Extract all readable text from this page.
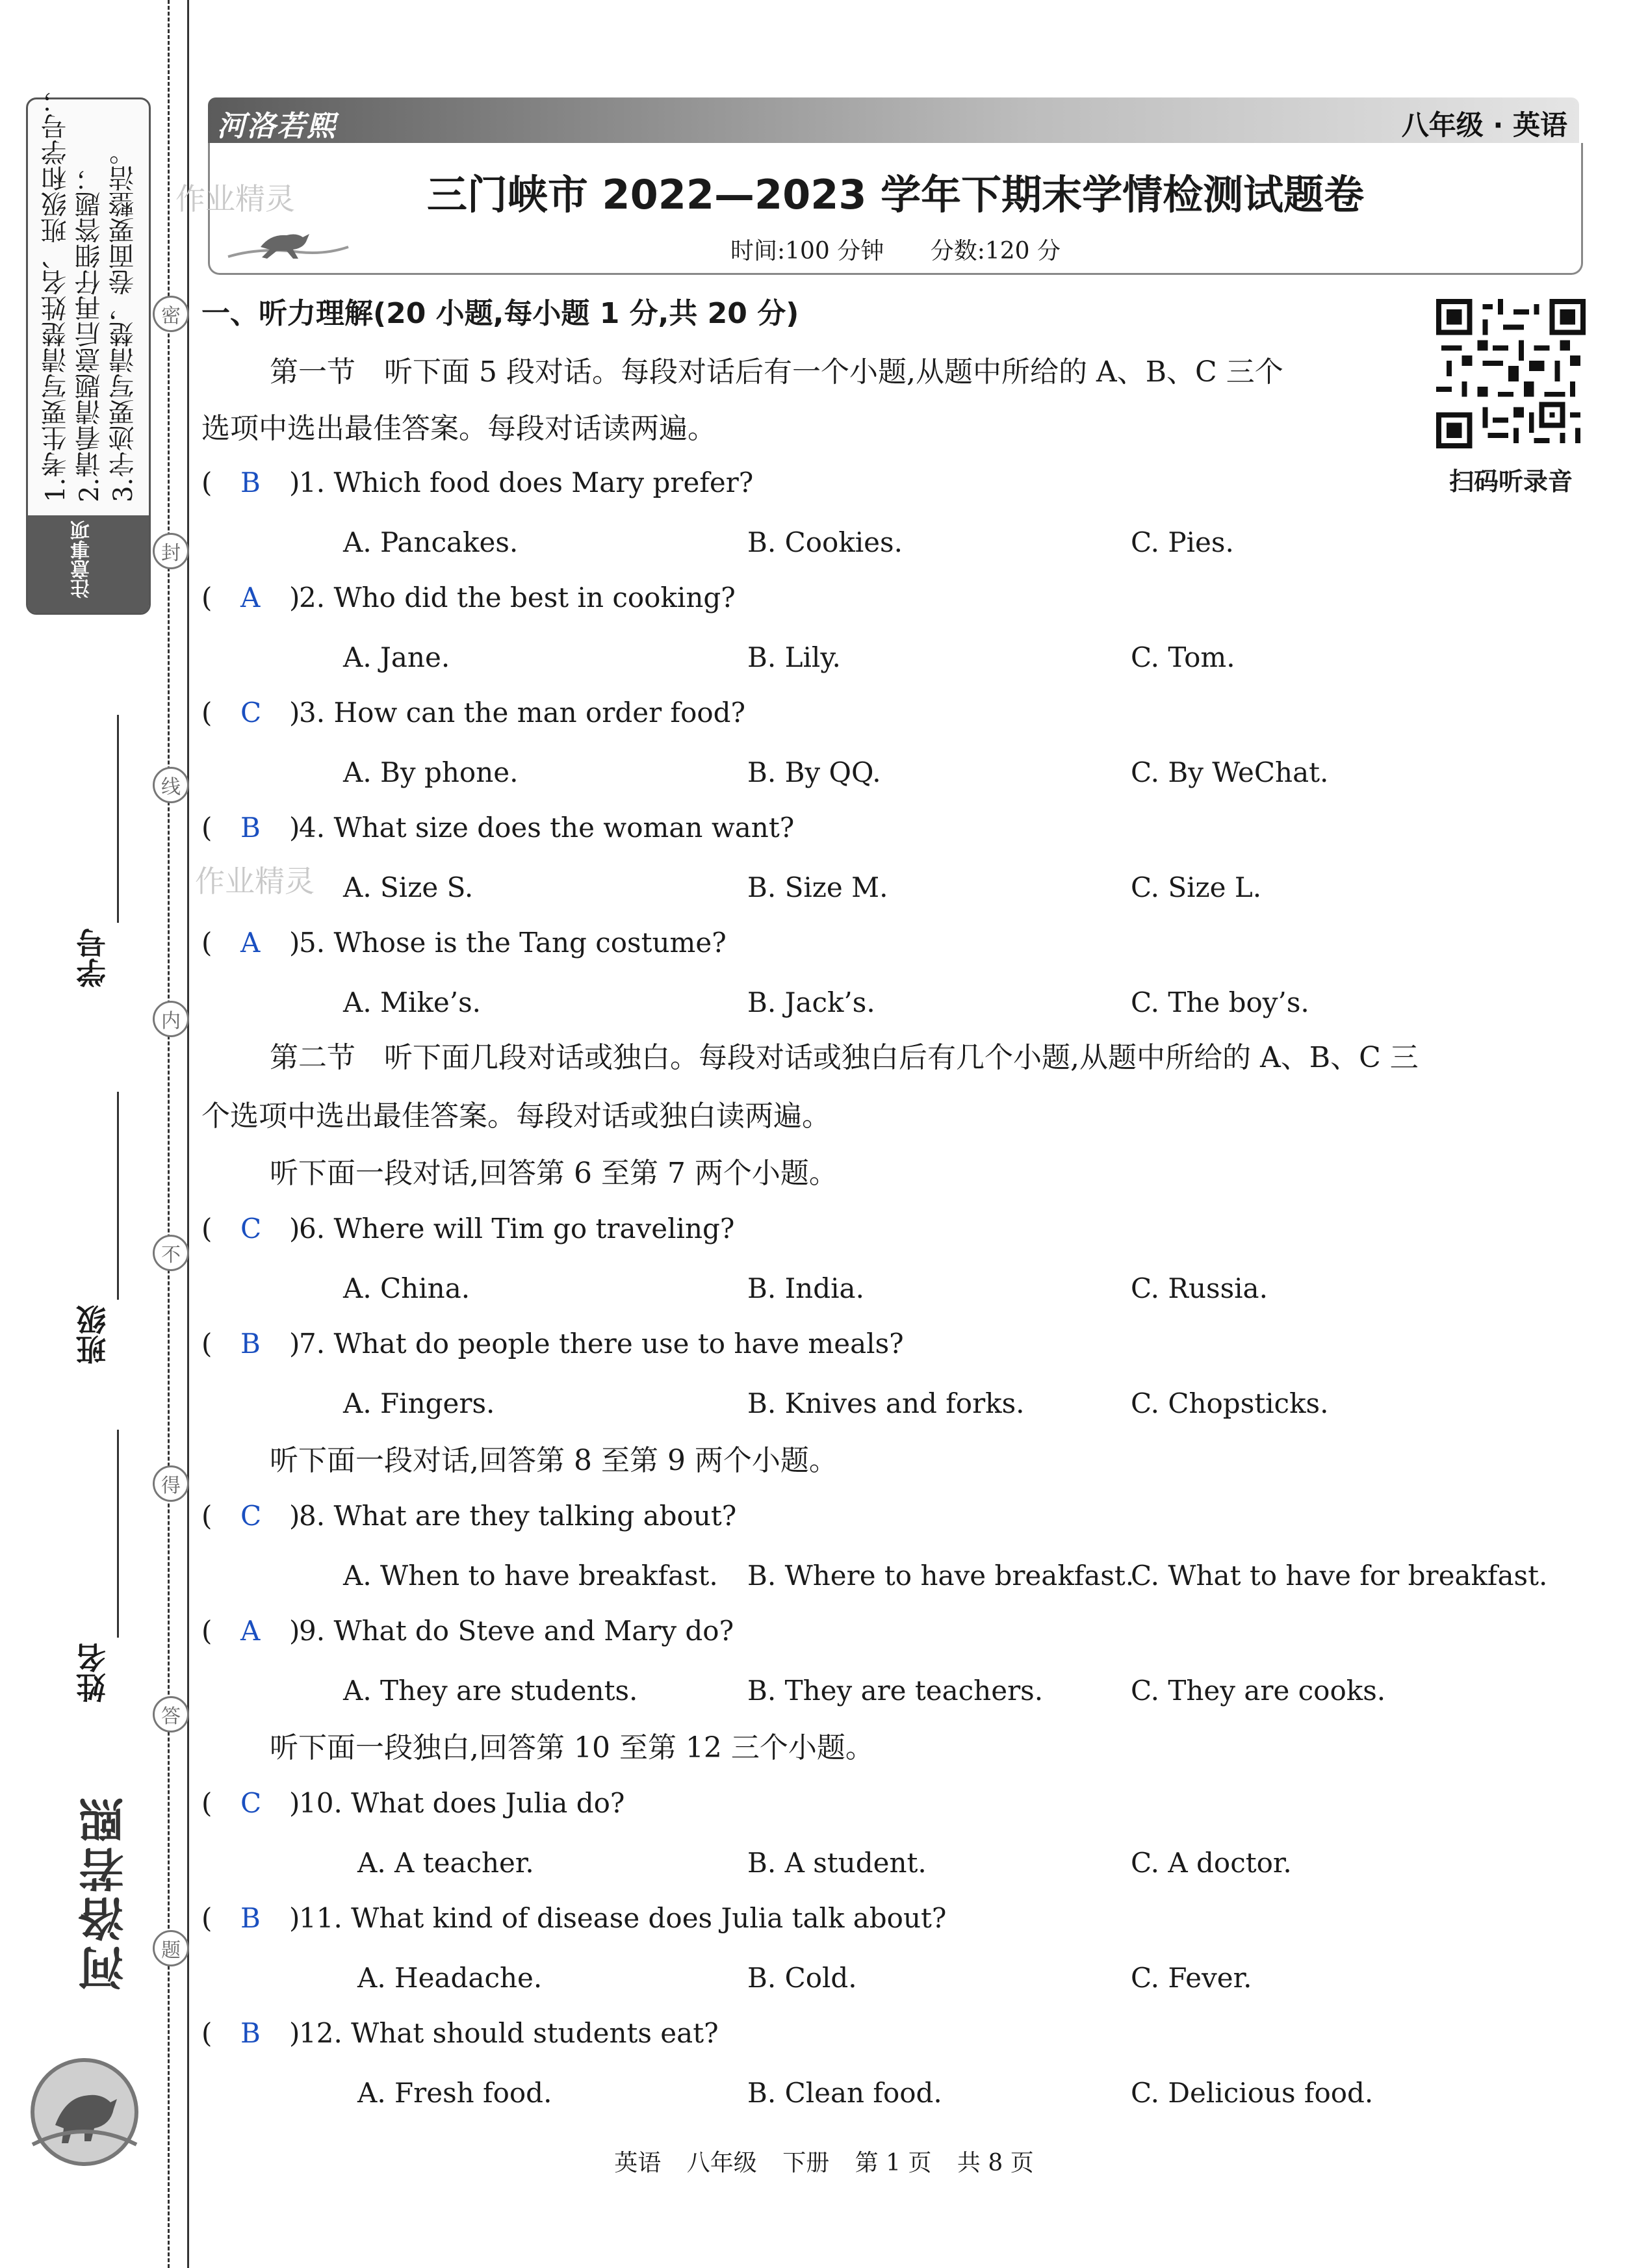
1.考生要写清楚姓名、班级和学号； 2.请看清题意后再仔细答题； 3.字迹要写清楚，卷面要整洁。
注意事项
密
封
线
内
不
得
答
题
学号
班级
姓名
河洛若熙
河洛若熙	八年级 · 英语
三门峡市 2022—2023 学年下期末学情检测试题卷
时间:100 分钟 分数:120 分
作业精灵
作业精灵
扫码听录音
一、听力理解(20 小题,每小题 1 分,共 20 分)
第一节　听下面 5 段对话。每段对话后有一个小题,从题中所给的 A、B、C 三个
选项中选出最佳答案。每段对话读两遍。
第二节　听下面几段对话或独白。每段对话或独白后有几个小题,从题中所给的 A、B、C 三
个选项中选出最佳答案。每段对话或独白读两遍。
听下面一段对话,回答第 6 至第 7 两个小题。
听下面一段对话,回答第 8 至第 9 两个小题。
听下面一段独白,回答第 10 至第 12 三个小题。
( B )
1. Which food does Mary prefer?
A. Pancakes.	B. Cookies.	C. Pies.
( A )
2. Who did the best in cooking?
A. Jane.	B. Lily.	C. Tom.
( C )
3. How can the man order food?
A. By phone.	B. By QQ.	C. By WeChat.
( B )
4. What size does the woman want?
A. Size S.	B. Size M.	C. Size L.
( A )
5. Whose is the Tang costume?
A. Mike’s.	B. Jack’s.	C. The boy’s.
( C )
6. Where will Tim go traveling?
A. China.	B. India.	C. Russia.
( B )
7. What do people there use to have meals?
A. Fingers.	B. Knives and forks.	C. Chopsticks.
( C )
8. What are they talking about?
A. When to have breakfast. B. Where to have breakfast.
C. What to have for breakfast.
( A )
9. What do Steve and Mary do?
A. They are students.	B. They are teachers.	C. They are cooks.
( C )
10. What does Julia do?
A. A teacher.	B. A student.	C. A doctor.
( B )
11. What kind of disease does Julia talk about?
A. Headache.	B. Cold.	C. Fever.
( B )
12. What should students eat?
A. Fresh food.	B. Clean food.	C. Delicious food.
英语 八年级 下册 第 1 页 共 8 页
